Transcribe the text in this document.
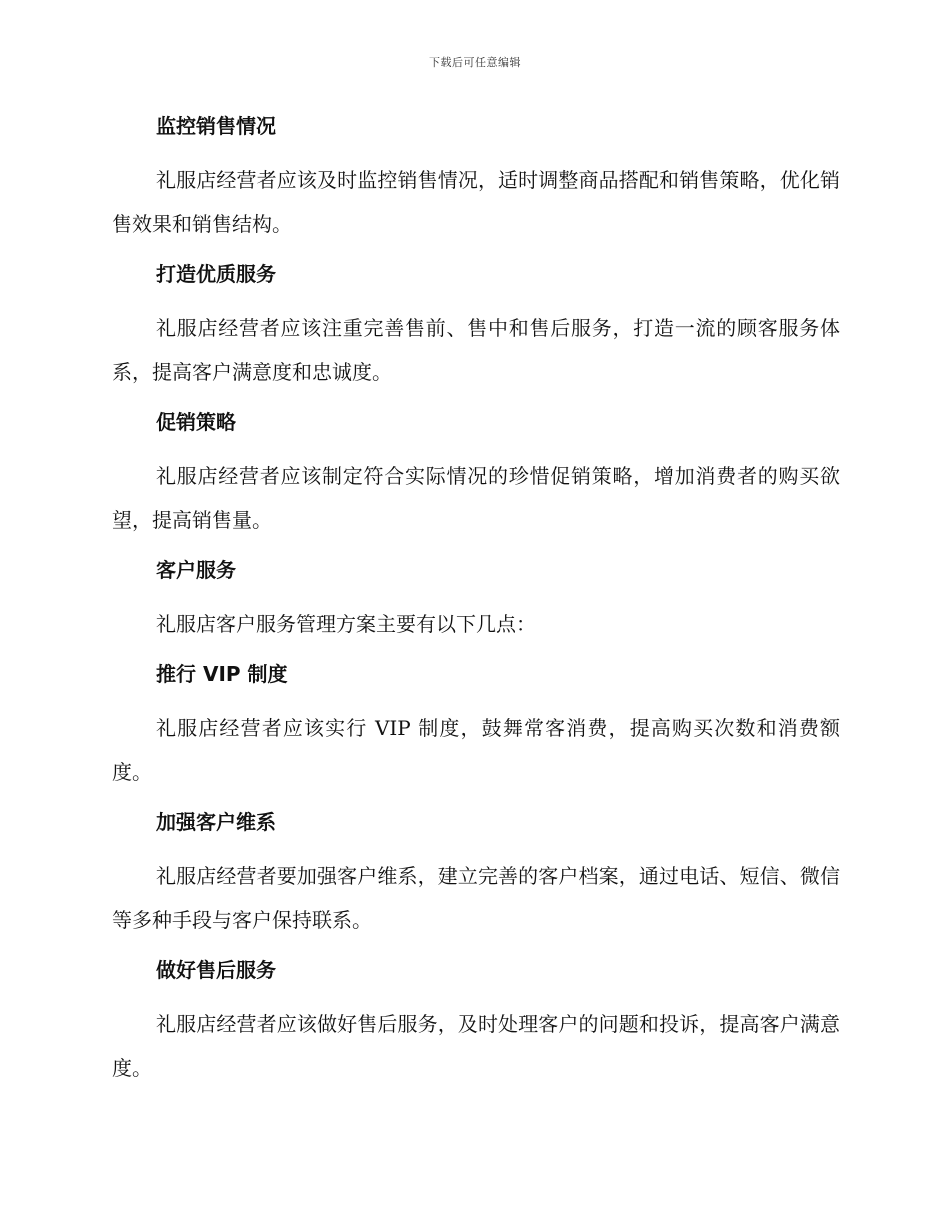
下载后可任意编辑
监控销售情况

礼服店经营者应该及时监控销售情况，适时调整商品搭配和销售策略，优化销售效果和销售结构。

打造优质服务

礼服店经营者应该注重完善售前、售中和售后服务，打造一流的顾客服务体系，提高客户满意度和忠诚度。

促销策略

礼服店经营者应该制定符合实际情况的珍惜促销策略，增加消费者的购买欲望，提高销售量。

客户服务

礼服店客户服务管理方案主要有以下几点：

推行 VIP 制度

礼服店经营者应该实行 VIP 制度，鼓舞常客消费，提高购买次数和消费额度。

加强客户维系

礼服店经营者要加强客户维系，建立完善的客户档案，通过电话、短信、微信等多种手段与客户保持联系。

做好售后服务

礼服店经营者应该做好售后服务，及时处理客户的问题和投诉，提高客户满意度。
